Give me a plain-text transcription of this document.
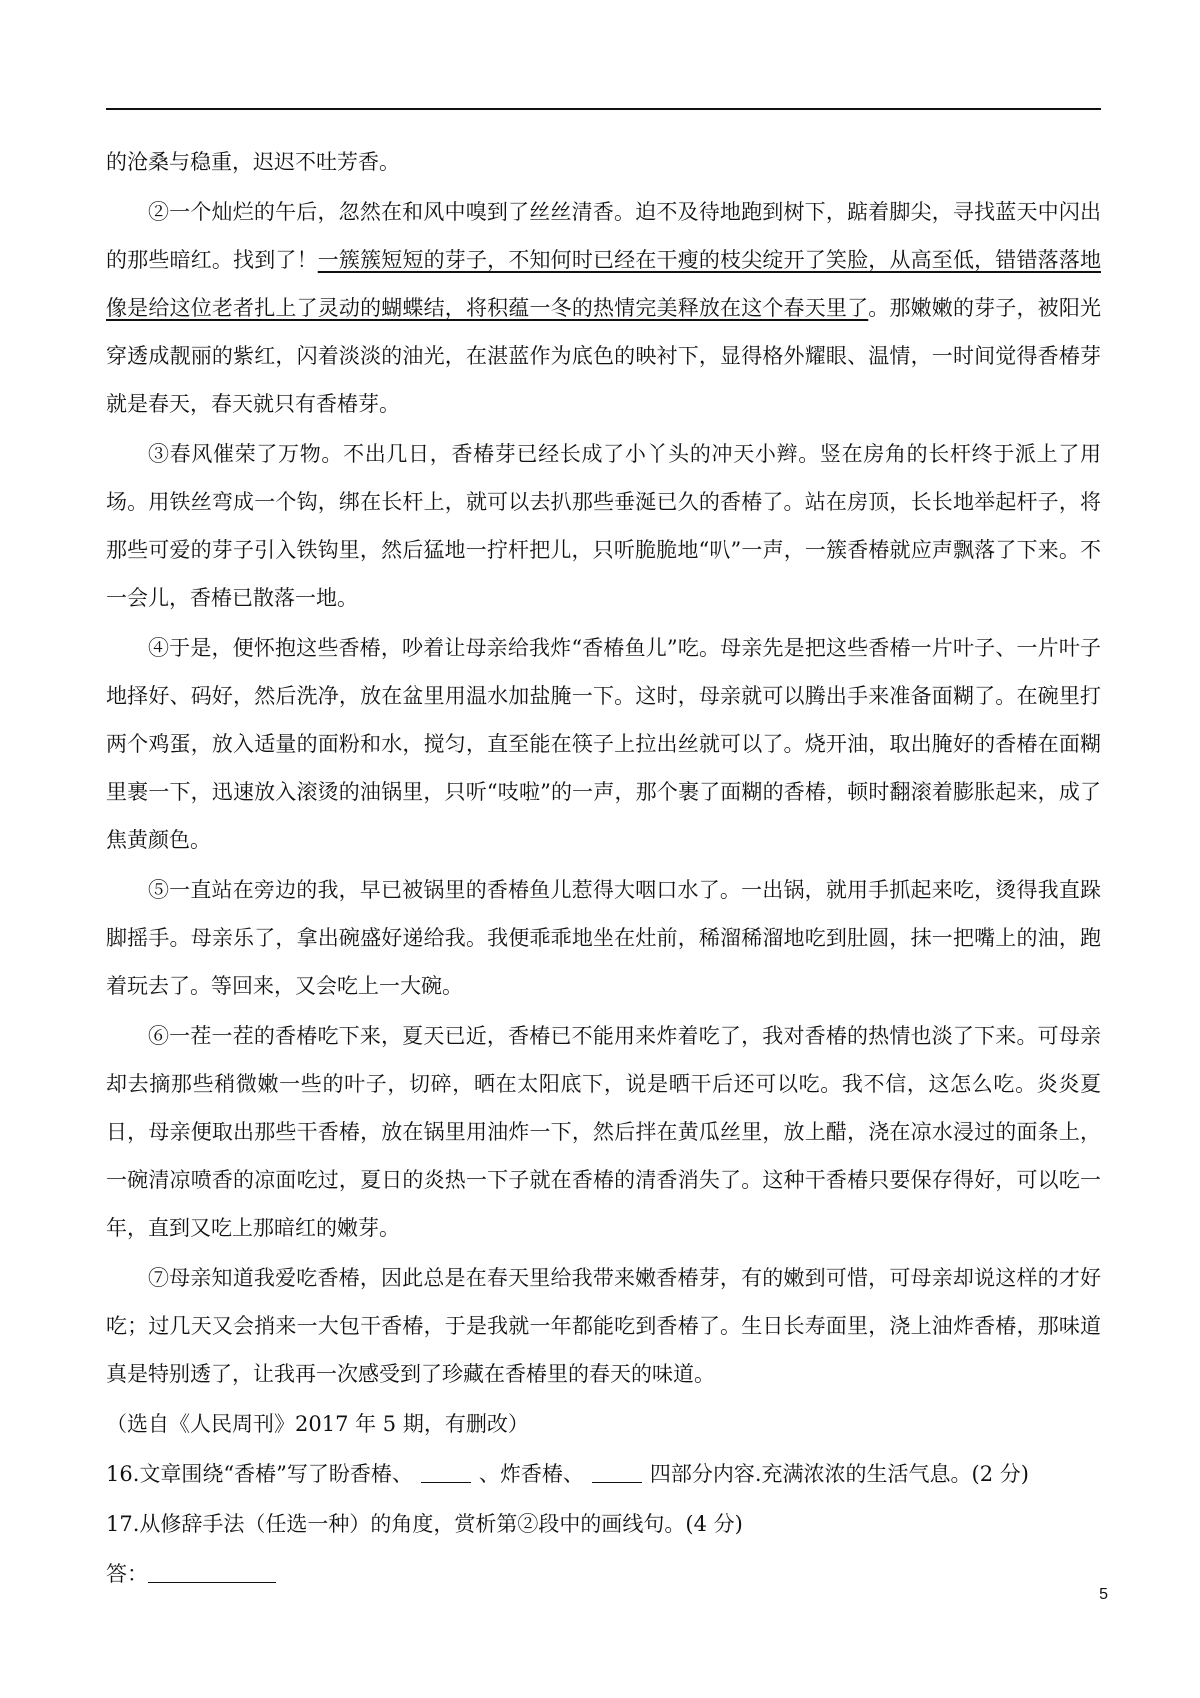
的沧桑与稳重，迟迟不吐芳香。

②一个灿烂的午后，忽然在和风中嗅到了丝丝清香。迫不及待地跑到树下，踮着脚尖，寻找蓝天中闪出的那些暗红。找到了！一簇簇短短的芽子，不知何时已经在干瘦的枝尖绽开了笑脸，从高至低，错错落落地像是给这位老者扎上了灵动的蝴蝶结，将积蕴一冬的热情完美释放在这个春天里了。那嫩嫩的芽子，被阳光穿透成靓丽的紫红，闪着淡淡的油光，在湛蓝作为底色的映衬下，显得格外耀眼、温情，一时间觉得香椿芽就是春天，春天就只有香椿芽。

③春风催荣了万物。不出几日，香椿芽已经长成了小丫头的冲天小辫。竖在房角的长杆终于派上了用场。用铁丝弯成一个钩，绑在长杆上，就可以去扒那些垂涎已久的香椿了。站在房顶，长长地举起杆子，将那些可爱的芽子引入铁钩里，然后猛地一拧杆把儿，只听脆脆地“叭”一声，一簇香椿就应声飘落了下来。不一会儿，香椿已散落一地。

④于是，便怀抱这些香椿，吵着让母亲给我炸“香椿鱼儿”吃。母亲先是把这些香椿一片叶子、一片叶子地择好、码好，然后洗净，放在盆里用温水加盐腌一下。这时，母亲就可以腾出手来准备面糊了。在碗里打两个鸡蛋，放入适量的面粉和水，搅匀，直至能在筷子上拉出丝就可以了。烧开油，取出腌好的香椿在面糊里裹一下，迅速放入滚烫的油锅里，只听“吱啦”的一声，那个裹了面糊的香椿，顿时翻滚着膨胀起来，成了焦黄颜色。

⑤一直站在旁边的我，早已被锅里的香椿鱼儿惹得大咽口水了。一出锅，就用手抓起来吃，烫得我直跺脚摇手。母亲乐了，拿出碗盛好递给我。我便乖乖地坐在灶前，稀溜稀溜地吃到肚圆，抹一把嘴上的油，跑着玩去了。等回来，又会吃上一大碗。

⑥一茬一茬的香椿吃下来，夏天已近，香椿已不能用来炸着吃了，我对香椿的热情也淡了下来。可母亲却去摘那些稍微嫩一些的叶子，切碎，晒在太阳底下，说是晒干后还可以吃。我不信，这怎么吃。炎炎夏日，母亲便取出那些干香椿，放在锅里用油炸一下，然后拌在黄瓜丝里，放上醋，浇在凉水浸过的面条上，一碗清凉喷香的凉面吃过，夏日的炎热一下子就在香椿的清香消失了。这种干香椿只要保存得好，可以吃一年，直到又吃上那暗红的嫩芽。

⑦母亲知道我爱吃香椿，因此总是在春天里给我带来嫩香椿芽，有的嫩到可惜，可母亲却说这样的才好吃；过几天又会捎来一大包干香椿，于是我就一年都能吃到香椿了。生日长寿面里，浇上油炸香椿，那味道真是特别透了，让我再一次感受到了珍藏在香椿里的春天的味道。

（选自《人民周刊》2017 年 5 期，有删改）

16.文章围绕“香椿”写了盼香椿、	、炸香椿、	四部分内容.充满浓浓的生活气息。(2 分)

17.从修辞手法（任选一种）的角度，赏析第②段中的画线句。(4 分)

答：

5
